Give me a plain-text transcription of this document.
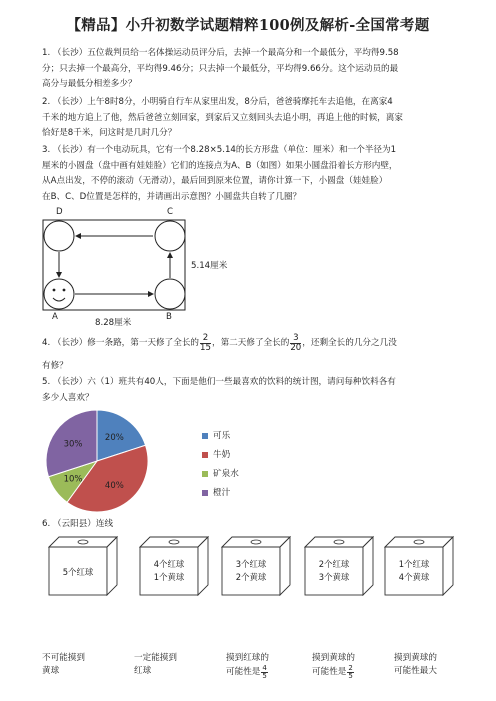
【精品】小升初数学试题精粹100例及解析-全国常考题
1. （长沙）五位裁判员给一名体操运动员评分后，去掉一个最高分和一个最低分，平均得9.58
分；只去掉一个最高分，平均得9.46分；只去掉一个最低分，平均得9.66分。这个运动员的最
高分与最低分相差多少？
2. （长沙）上午8时8分，小明骑自行车从家里出发，8分后，爸爸骑摩托车去追他，在离家4
千米的地方追上了他，然后爸爸立刻回家，到家后又立刻回头去追小明，再追上他的时候，离家
恰好是8千米，问这时是几时几分？
3. （长沙）有一个电动玩具，它有一个8.28×5.14的长方形盘（单位：厘米）和一个半径为1
厘米的小圆盘（盘中画有娃娃脸）它们的连接点为A、B（如图）如果小圆盘沿着长方形内壁，
从A点出发，不停的滚动（无滑动），最后回到原来位置，请你计算一下，小圆盘（娃娃脸）
在B、C、D位置是怎样的，并请画出示意图？小圆盘共自转了几圈？
D	C
A	B
5.14厘米
8.28厘米
4. （长沙）修一条路，第一天修了全长的 $\frac{2}{15}$ ，第二天修了全长的 $\frac{3}{20}$ ，还剩全长的几分之几没
有修？
5. （长沙）六（1）班共有40人，下面是他们一些最喜欢的饮料的统计图，请问每种饮料各有
多少人喜欢？
20%
40%
10%
30%
可乐
牛奶
矿泉水
橙汁
6. （云阳县）连线
5个红球
4个红球
1个黄球
3个红球
2个黄球
2个红球
3个黄球
1个红球
4个黄球
不可能摸到
黄球
一定能摸到
红球
摸到红球的
可能性是 $\frac{4}{5}$
摸到黄球的
可能性是 $\frac{2}{5}$
摸到黄球的
可能性最大
